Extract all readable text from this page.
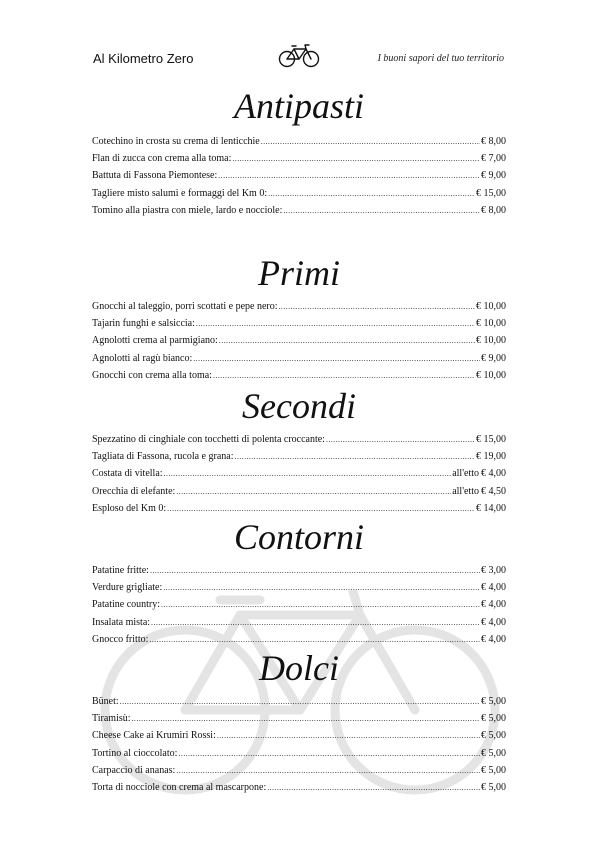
Al Kilometro Zero	I buoni sapori del tuo territorio
Antipasti
Cotechino in crosta su crema di lenticchie .....	€ 8,00
Flan di zucca con crema alla toma: .....	€ 7,00
Battuta di Fassona Piemontese: .....	€ 9,00
Tagliere misto salumi e formaggi del Km 0: .....	€ 15,00
Tomino alla piastra con miele, lardo e nocciole: .....	€ 8,00
Primi
Gnocchi al taleggio, porri scottati e pepe nero: .....	€ 10,00
Tajarin funghi e salsiccia: .....	€ 10,00
Agnolotti crema al parmigiano: .....	€ 10,00
Agnolotti al ragù bianco: .....	€ 9,00
Gnocchi con crema alla toma: .....	€ 10,00
Secondi
Spezzatino di cinghiale con tocchetti di polenta croccante: .....	€ 15,00
Tagliata di Fassona, rucola e grana: .....	€ 19,00
Costata di vitella: .....	all'etto € 4,00
Orecchia di elefante: .....	all'etto € 4,50
Esploso del Km 0: .....	€ 14,00
Contorni
Patatine fritte: .....	€ 3,00
Verdure grigliate: .....	€ 4,00
Patatine country: .....	€ 4,00
Insalata mista: .....	€ 4,00
Gnocco fritto: .....	€ 4,00
Dolci
Bünet: .....	€ 5,00
Tiramisù: .....	€ 5,00
Cheese Cake ai Krumiri Rossi: .....	€ 5,00
Tortino al cioccolato: .....	€ 5,00
Carpaccio di ananas: .....	€ 5,00
Torta di nocciole con crema al mascarpone: .....	€ 5,00
